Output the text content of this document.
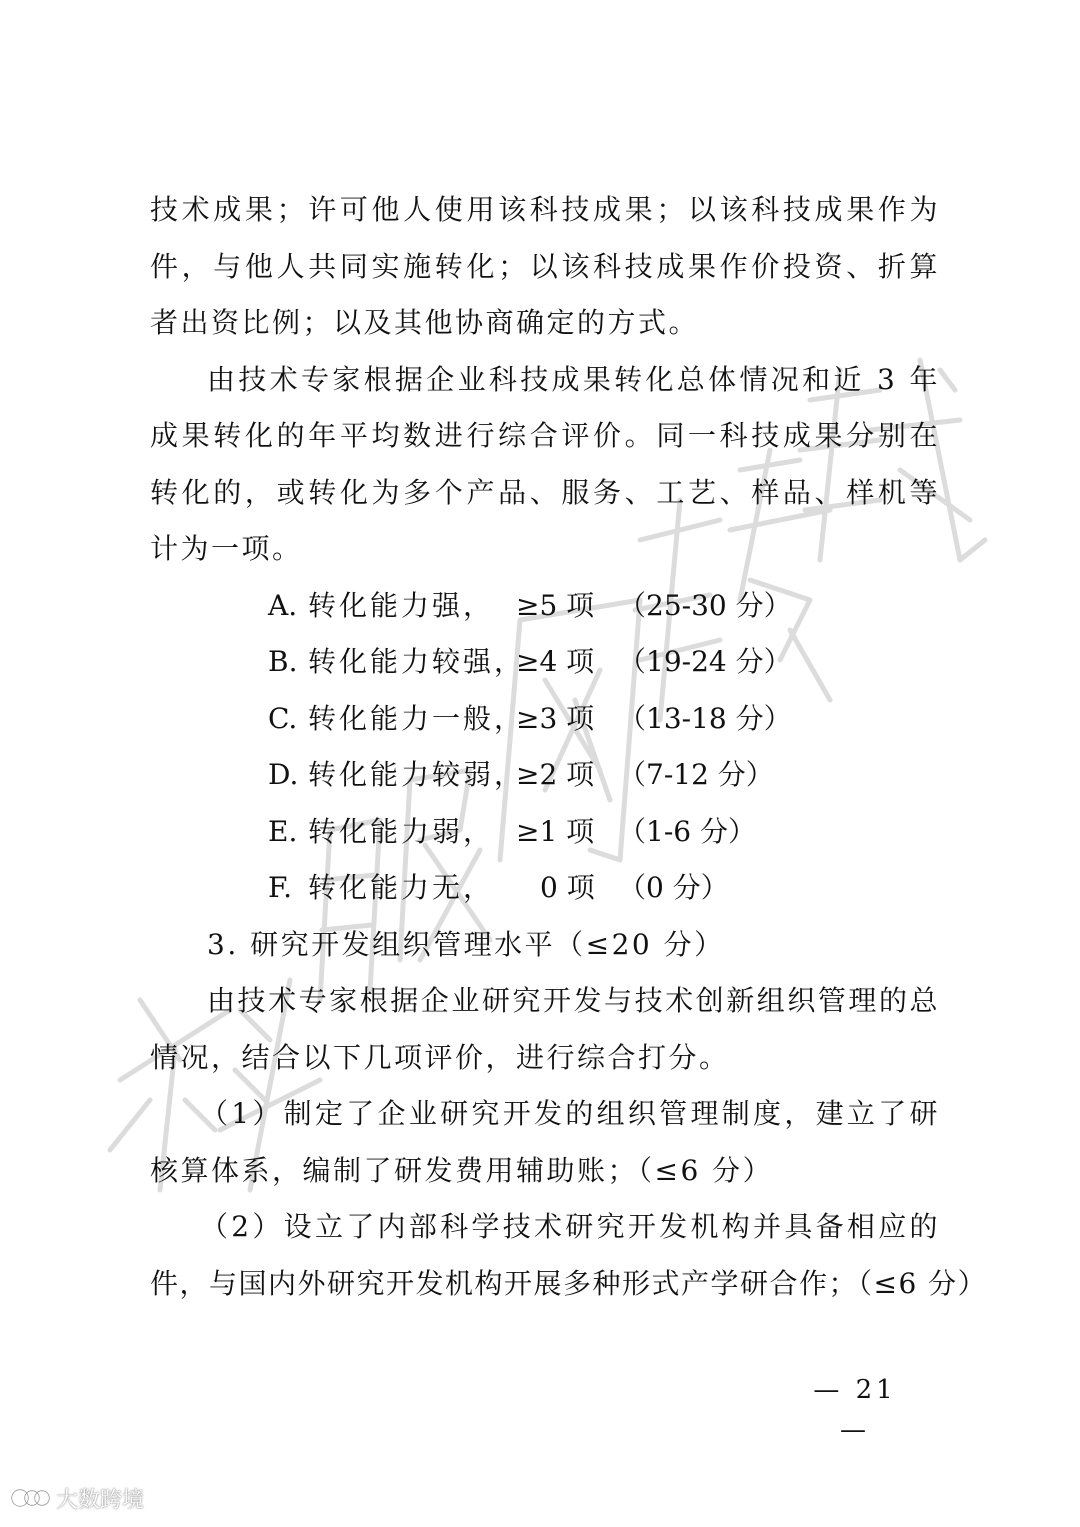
技术成果；许可他人使用该科技成果；以该科技成果作为

件，与他人共同实施转化；以该科技成果作价投资、折算

者出资比例；以及其他协商确定的方式。

由技术专家根据企业科技成果转化总体情况和近 3 年

成果转化的年平均数进行综合评价。同一科技成果分别在

转化的，或转化为多个产品、服务、工艺、样品、样机等

计为一项。

A. 转化能力强， ≥5 项 （25-30 分）
B. 转化能力较强，
≥4 项 （19-24 分）
C. 转化能力一般，
≥3 项 （13-18 分）
D. 转化能力较弱，
≥2 项 （7-12 分）
E. 转化能力弱， ≥1 项 （1-6 分）
F. 转化能力无， 0 项 （0 分）

3. 研究开发组织管理水平（≤20 分）

由技术专家根据企业研究开发与技术创新组织管理的总

情况，结合以下几项评价，进行综合打分。

（1）制定了企业研究开发的组织管理制度，建立了研

核算体系，编制了研发费用辅助账；（≤6 分）

（2）设立了内部科学技术研究开发机构并具备相应的

件，与国内外研究开发机构开展多种形式产学研合作；（≤6 分）

— 21 —
大数跨境
